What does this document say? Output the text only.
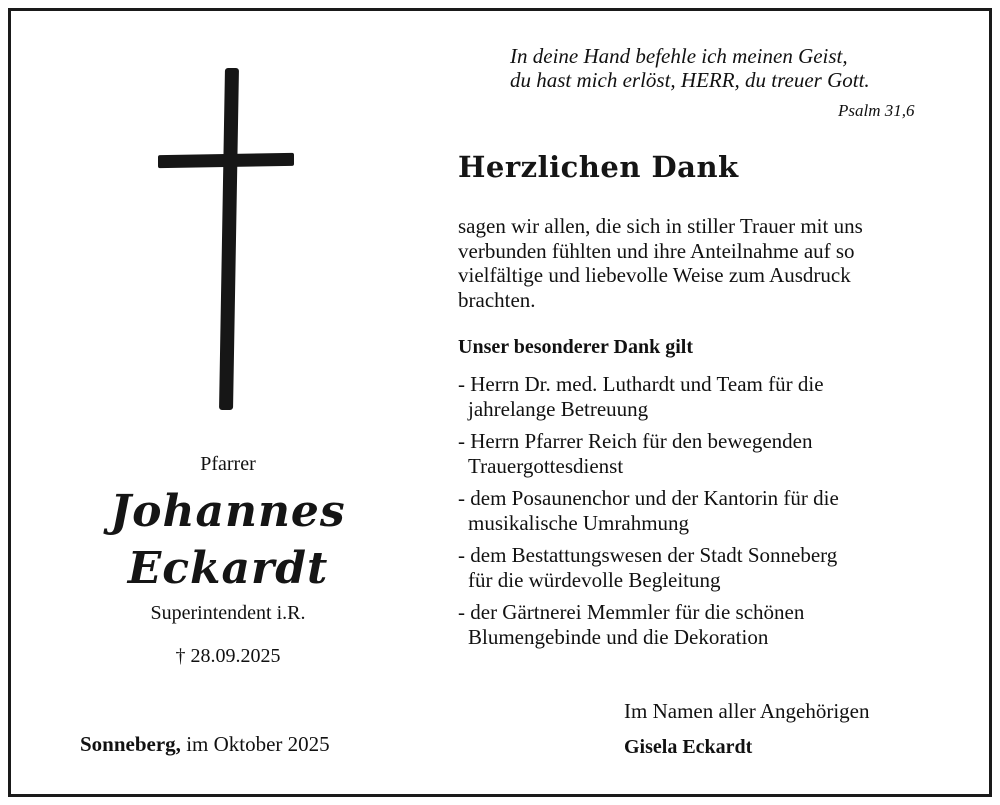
In deine Hand befehle ich meinen Geist,
du hast mich erlöst, HERR, du treuer Gott.
Psalm 31,6
Pfarrer
Johannes
Eckardt
Superintendent i.R.
† 28.09.2025
Sonneberg, im Oktober 2025
Herzlichen Dank
sagen wir allen, die sich in stiller Trauer mit uns verbunden fühlten und ihre Anteilnahme auf so vielfältige und liebevolle Weise zum Ausdruck brachten.
Unser besonderer Dank gilt
- Herrn Dr. med. Luthardt und Team für die
jahrelange Betreuung
- Herrn Pfarrer Reich für den bewegenden
Trauergottesdienst
- dem Posaunenchor und der Kantorin für die
musikalische Umrahmung
- dem Bestattungswesen der Stadt Sonneberg
für die würdevolle Begleitung
- der Gärtnerei Memmler für die schönen
Blumengebinde und die Dekoration
Im Namen aller Angehörigen
Gisela Eckardt
